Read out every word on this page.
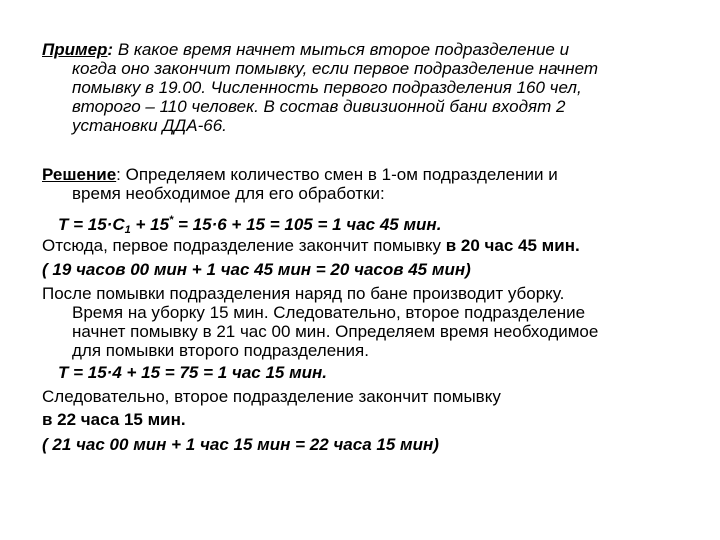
Пример: В какое время начнет мыться второе подразделение и
когда оно закончит помывку, если первое подразделение начнет
помывку в 19.00. Численность первого подразделения 160 чел,
второго – 110 человек. В состав дивизионной бани входят 2
установки ДДА-66.
Решение: Определяем количество смен в 1-ом подразделении и
время необходимое для его обработки:
$T = 15\cdot C_1 + 15^* = 15\cdot 6 + 15 = 105 = 1$ час 45 мин.
Отсюда, первое подразделение закончит помывку в 20 час 45 мин.
( 19 часов 00 мин + 1 час 45 мин = 20 часов 45 мин)
После помывки подразделения наряд по бане производит уборку.
Время на уборку 15 мин. Следовательно, второе подразделение
начнет помывку в 21 час 00 мин. Определяем время необходимое
для помывки второго подразделения.
T = 15·4 + 15 = 75 = 1 час 15 мин.
Следовательно, второе подразделение закончит помывку
в 22 часа 15 мин.
( 21 час 00 мин + 1 час 15 мин = 22 часа 15 мин)
